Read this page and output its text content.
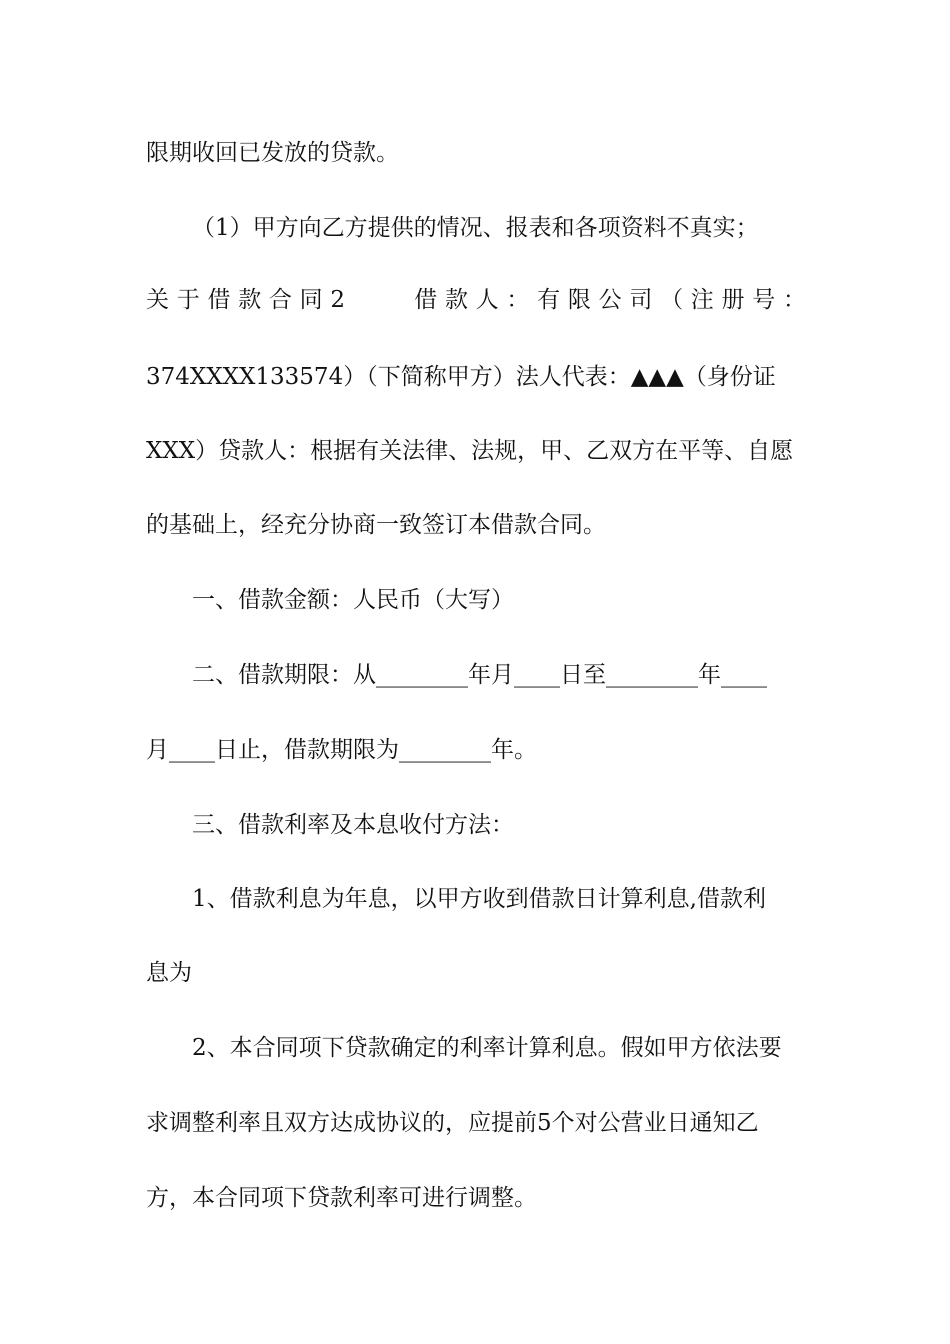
限期收回已发放的贷款。
（1）甲方向乙方提供的情况、报表和各项资料不真实；
关于借款合同2　　借款人：有限公司（注册号：
374XXXX133574）（下简称甲方）法人代表：▲▲▲（身份证
XXX）贷款人：根据有关法律、法规，甲、乙双方在平等、自愿
的基础上，经充分协商一致签订本借款合同。
一、借款金额：人民币（大写）
二、借款期限：从________年月____日至________年____
月____日止，借款期限为________年。
三、借款利率及本息收付方法：
1、借款利息为年息，以甲方收到借款日计算利息,借款利
息为
2、本合同项下贷款确定的利率计算利息。假如甲方依法要
求调整利率且双方达成协议的，应提前5个对公营业日通知乙
方，本合同项下贷款利率可进行调整。
